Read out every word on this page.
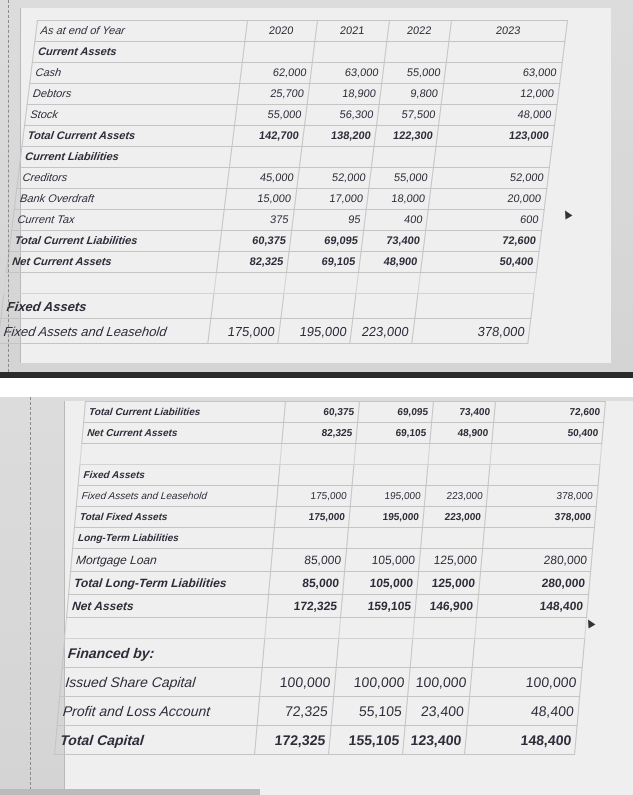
As at end of Year	2020	2021	2022	2023
Current Assets				
Cash	62,000	63,000	55,000	63,000
Debtors	25,700	18,900	9,800	12,000
Stock	55,000	56,300	57,500	48,000
Total Current Assets	142,700	138,200	122,300	123,000
Current Liabilities				
Creditors	45,000	52,000	55,000	52,000
Bank Overdraft	15,000	17,000	18,000	20,000
Current Tax	375	95	400	600
Total Current Liabilities	60,375	69,095	73,400	72,600
Net Current Assets	82,325	69,105	48,900	50,400

Fixed Assets				
Fixed Assets and Leasehold	175,000	195,000	223,000	378,000
Total Current Liabilities	60,375	69,095	73,400	72,600
Net Current Assets	82,325	69,105	48,900	50,400

Fixed Assets				
Fixed Assets and Leasehold	175,000	195,000	223,000	378,000
Total Fixed Assets	175,000	195,000	223,000	378,000
Long-Term Liabilities				
Mortgage Loan	85,000	105,000	125,000	280,000
Total Long-Term Liabilities	85,000	105,000	125,000	280,000
Net Assets	172,325	159,105	146,900	148,400

Financed by:				
Issued Share Capital	100,000	100,000	100,000	100,000
Profit and Loss Account	72,325	55,105	23,400	48,400
Total Capital	172,325	155,105	123,400	148,400
